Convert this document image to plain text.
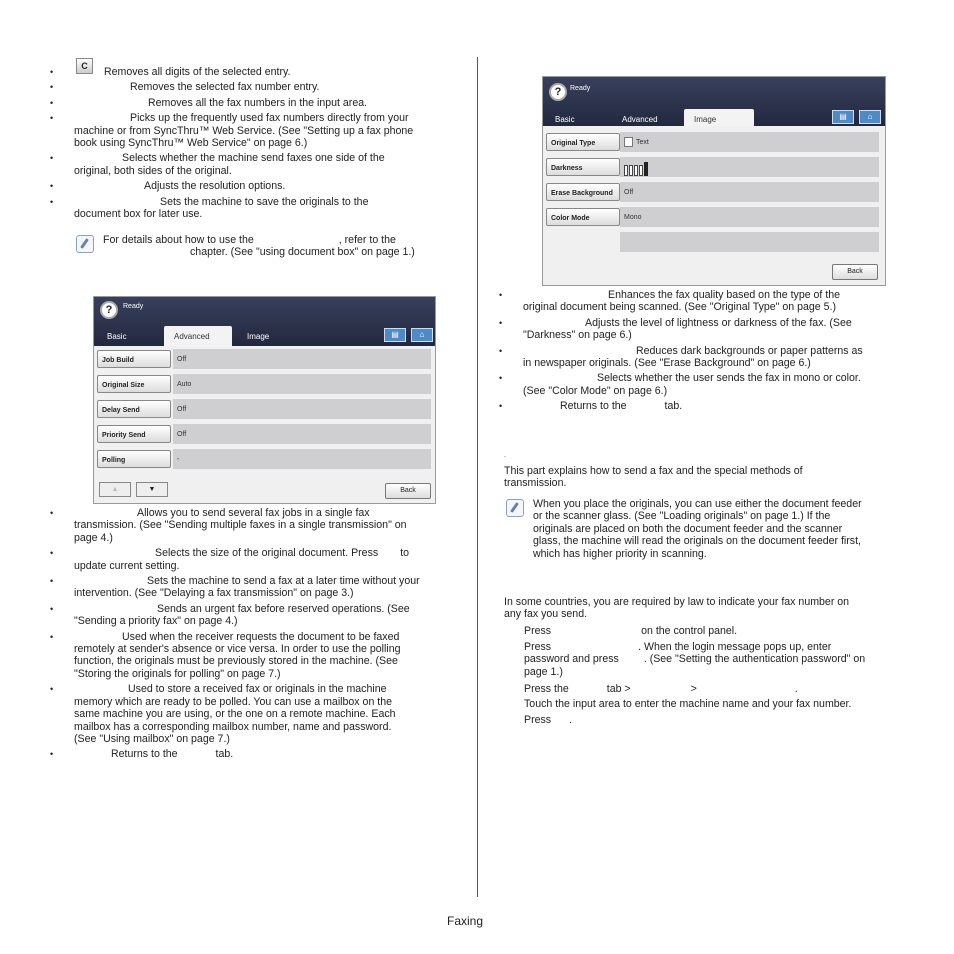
C
•	Removes all digits of the selected entry.
• Removes the selected fax number entry.
• Removes all the fax numbers in the input area.
• Picks up the frequently used fax numbers directly from your
machine or from SyncThru™ Web Service. (See "Setting up a fax phone
book using SyncThru™ Web Service" on page 6.)
• Selects whether the machine send faxes one side of the
original, both sides of the original.
• Adjusts the resolution options.
• Sets the machine to save the originals to the
document box for later use.
For details about how to use the	, refer to the
chapter. (See "using document box" on page 1.)
?	Ready
Basic	Advanced	Image	▤	⌂
Job Build	Off
Original Size	Auto
Delay Send	Off
Priority Send	Off
Polling	-
▲	▼	Back
• Allows you to send several fax jobs in a single fax
transmission. (See "Sending multiple faxes in a single transmission" on
page 4.)
• Selects the size of the original document. Press to
update current setting.
• Sets the machine to send a fax at a later time without your
intervention. (See "Delaying a fax transmission" on page 3.)
• Sends an urgent fax before reserved operations. (See
"Sending a priority fax" on page 4.)
• Used when the receiver requests the document to be faxed
remotely at sender's absence or vice versa. In order to use the polling
function, the originals must be previously stored in the machine. (See
"Storing the originals for polling" on page 7.)
• Used to store a received fax or originals in the machine
memory which are ready to be polled. You can use a mailbox on the
same machine you are using, or the one on a remote machine. Each
mailbox has a corresponding mailbox number, name and password.
(See "Using mailbox" on page 7.)
• Returns to the	tab.
?	Ready
Basic	Advanced	Image	▤	⌂
Original Type	Text
Darkness
Erase Background	Off
Color Mode	Mono
Back
• Enhances the fax quality based on the type of the
original document being scanned. (See "Original Type" on page 5.)
• Adjusts the level of lightness or darkness of the fax. (See
"Darkness" on page 6.)
• Reduces dark backgrounds or paper patterns as
in newspaper originals. (See "Erase Background" on page 6.)
• Selects whether the user sends the fax in mono or color.
(See "Color Mode" on page 6.)
• Returns to the	tab.
.
This part explains how to send a fax and the special methods of
transmission.
When you place the originals, you can use either the document feeder
or the scanner glass. (See "Loading originals" on page 1.) If the
originals are placed on both the document feeder and the scanner
glass, the machine will read the originals on the document feeder first,
which has higher priority in scanning.
In some countries, you are required by law to indicate your fax number on
any fax you send.
Press	on the control panel.
Press	. When the login message pops up, enter
password and press . (See "Setting the authentication password" on
page 1.)
Press the	tab >	>	.
Touch the input area to enter the machine name and your fax number.
Press .
Faxing
